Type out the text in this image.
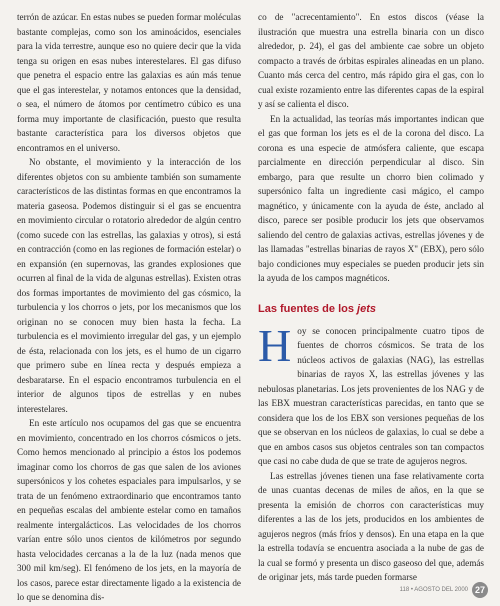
terrón de azúcar. En estas nubes se pueden formar moléculas bastante complejas, como son los aminoácidos, esenciales para la vida terrestre, aunque eso no quiere decir que la vida tenga su origen en esas nubes interestelares. El gas difuso que penetra el espacio entre las galaxias es aún más tenue que el gas interestelar, y notamos entonces que la densidad, o sea, el número de átomos por centímetro cúbico es una forma muy importante de clasificación, puesto que resulta bastante característica para los diversos objetos que encontramos en el universo.

No obstante, el movimiento y la interacción de los diferentes objetos con su ambiente también son sumamente característicos de las distintas formas en que encontramos la materia gaseosa. Podemos distinguir si el gas se encuentra en movimiento circular o rotatorio alrededor de algún centro (como sucede con las estrellas, las galaxias y otros), si está en contracción (como en las regiones de formación estelar) o en expansión (en supernovas, las grandes explosiones que ocurren al final de la vida de algunas estrellas). Existen otras dos formas importantes de movimiento del gas cósmico, la turbulencia y los chorros o jets, por los mecanismos que los originan no se conocen muy bien hasta la fecha. La turbulencia es el movimiento irregular del gas, y un ejemplo de ésta, relacionada con los jets, es el humo de un cigarro que primero sube en línea recta y después empieza a desbaratarse. En el espacio encontramos turbulencia en el interior de algunos tipos de estrellas y en nubes interestelares.

En este artículo nos ocupamos del gas que se encuentra en movimiento, concentrado en los chorros cósmicos o jets. Como hemos mencionado al principio a éstos los podemos imaginar como los chorros de gas que salen de los aviones supersónicos y los cohetes espaciales para impulsarlos, y se trata de un fenómeno extraordinario que encontramos tanto en pequeñas escalas del ambiente estelar como en tamaños realmente intergalácticos. Las velocidades de los chorros varían entre sólo unos cientos de kilómetros por segundo hasta velocidades cercanas a la de la luz (nada menos que 300 mil km/seg). El fenómeno de los jets, en la mayoría de los casos, parece estar directamente ligado a la existencia de lo que se denomina dis-

co de "acrecentamiento". En estos discos (véase la ilustración que muestra una estrella binaria con un disco alrededor, p. 24), el gas del ambiente cae sobre un objeto compacto a través de órbitas espirales alineadas en un plano. Cuanto más cerca del centro, más rápido gira el gas, con lo cual existe rozamiento entre las diferentes capas de la espiral y así se calienta el disco.

En la actualidad, las teorías más importantes indican que el gas que forman los jets es el de la corona del disco. La corona es una especie de atmósfera caliente, que escapa parcialmente en dirección perpendicular al disco. Sin embargo, para que resulte un chorro bien colimado y supersónico falta un ingrediente casi mágico, el campo magnético, y únicamente con la ayuda de éste, anclado al disco, parece ser posible producir los jets que observamos saliendo del centro de galaxias activas, estrellas jóvenes y de las llamadas "estrellas binarias de rayos X" (EBX), pero sólo bajo condiciones muy especiales se pueden producir jets sin la ayuda de los campos magnéticos.

Las fuentes de los jets

Hoy se conocen principalmente cuatro tipos de fuentes de chorros cósmicos. Se trata de los núcleos activos de galaxias (NAG), las estrellas binarias de rayos X, las estrellas jóvenes y las nebulosas planetarias. Los jets provenientes de los NAG y de las EBX muestran características parecidas, en tanto que se considera que los de los EBX son versiones pequeñas de los que se observan en los núcleos de galaxias, lo cual se debe a que en ambos casos sus objetos centrales son tan compactos que casi no cabe duda de que se trate de agujeros negros.

Las estrellas jóvenes tienen una fase relativamente corta de unas cuantas decenas de miles de años, en la que se presenta la emisión de chorros con características muy diferentes a las de los jets, producidos en los ambientes de agujeros negros (más fríos y densos). En una etapa en la que la estrella todavía se encuentra asociada a la nube de gas de la cual se formó y presenta un disco gaseoso del que, además de originar jets, más tarde pueden formarse

118 • AGOSTO DEL 2000 27
